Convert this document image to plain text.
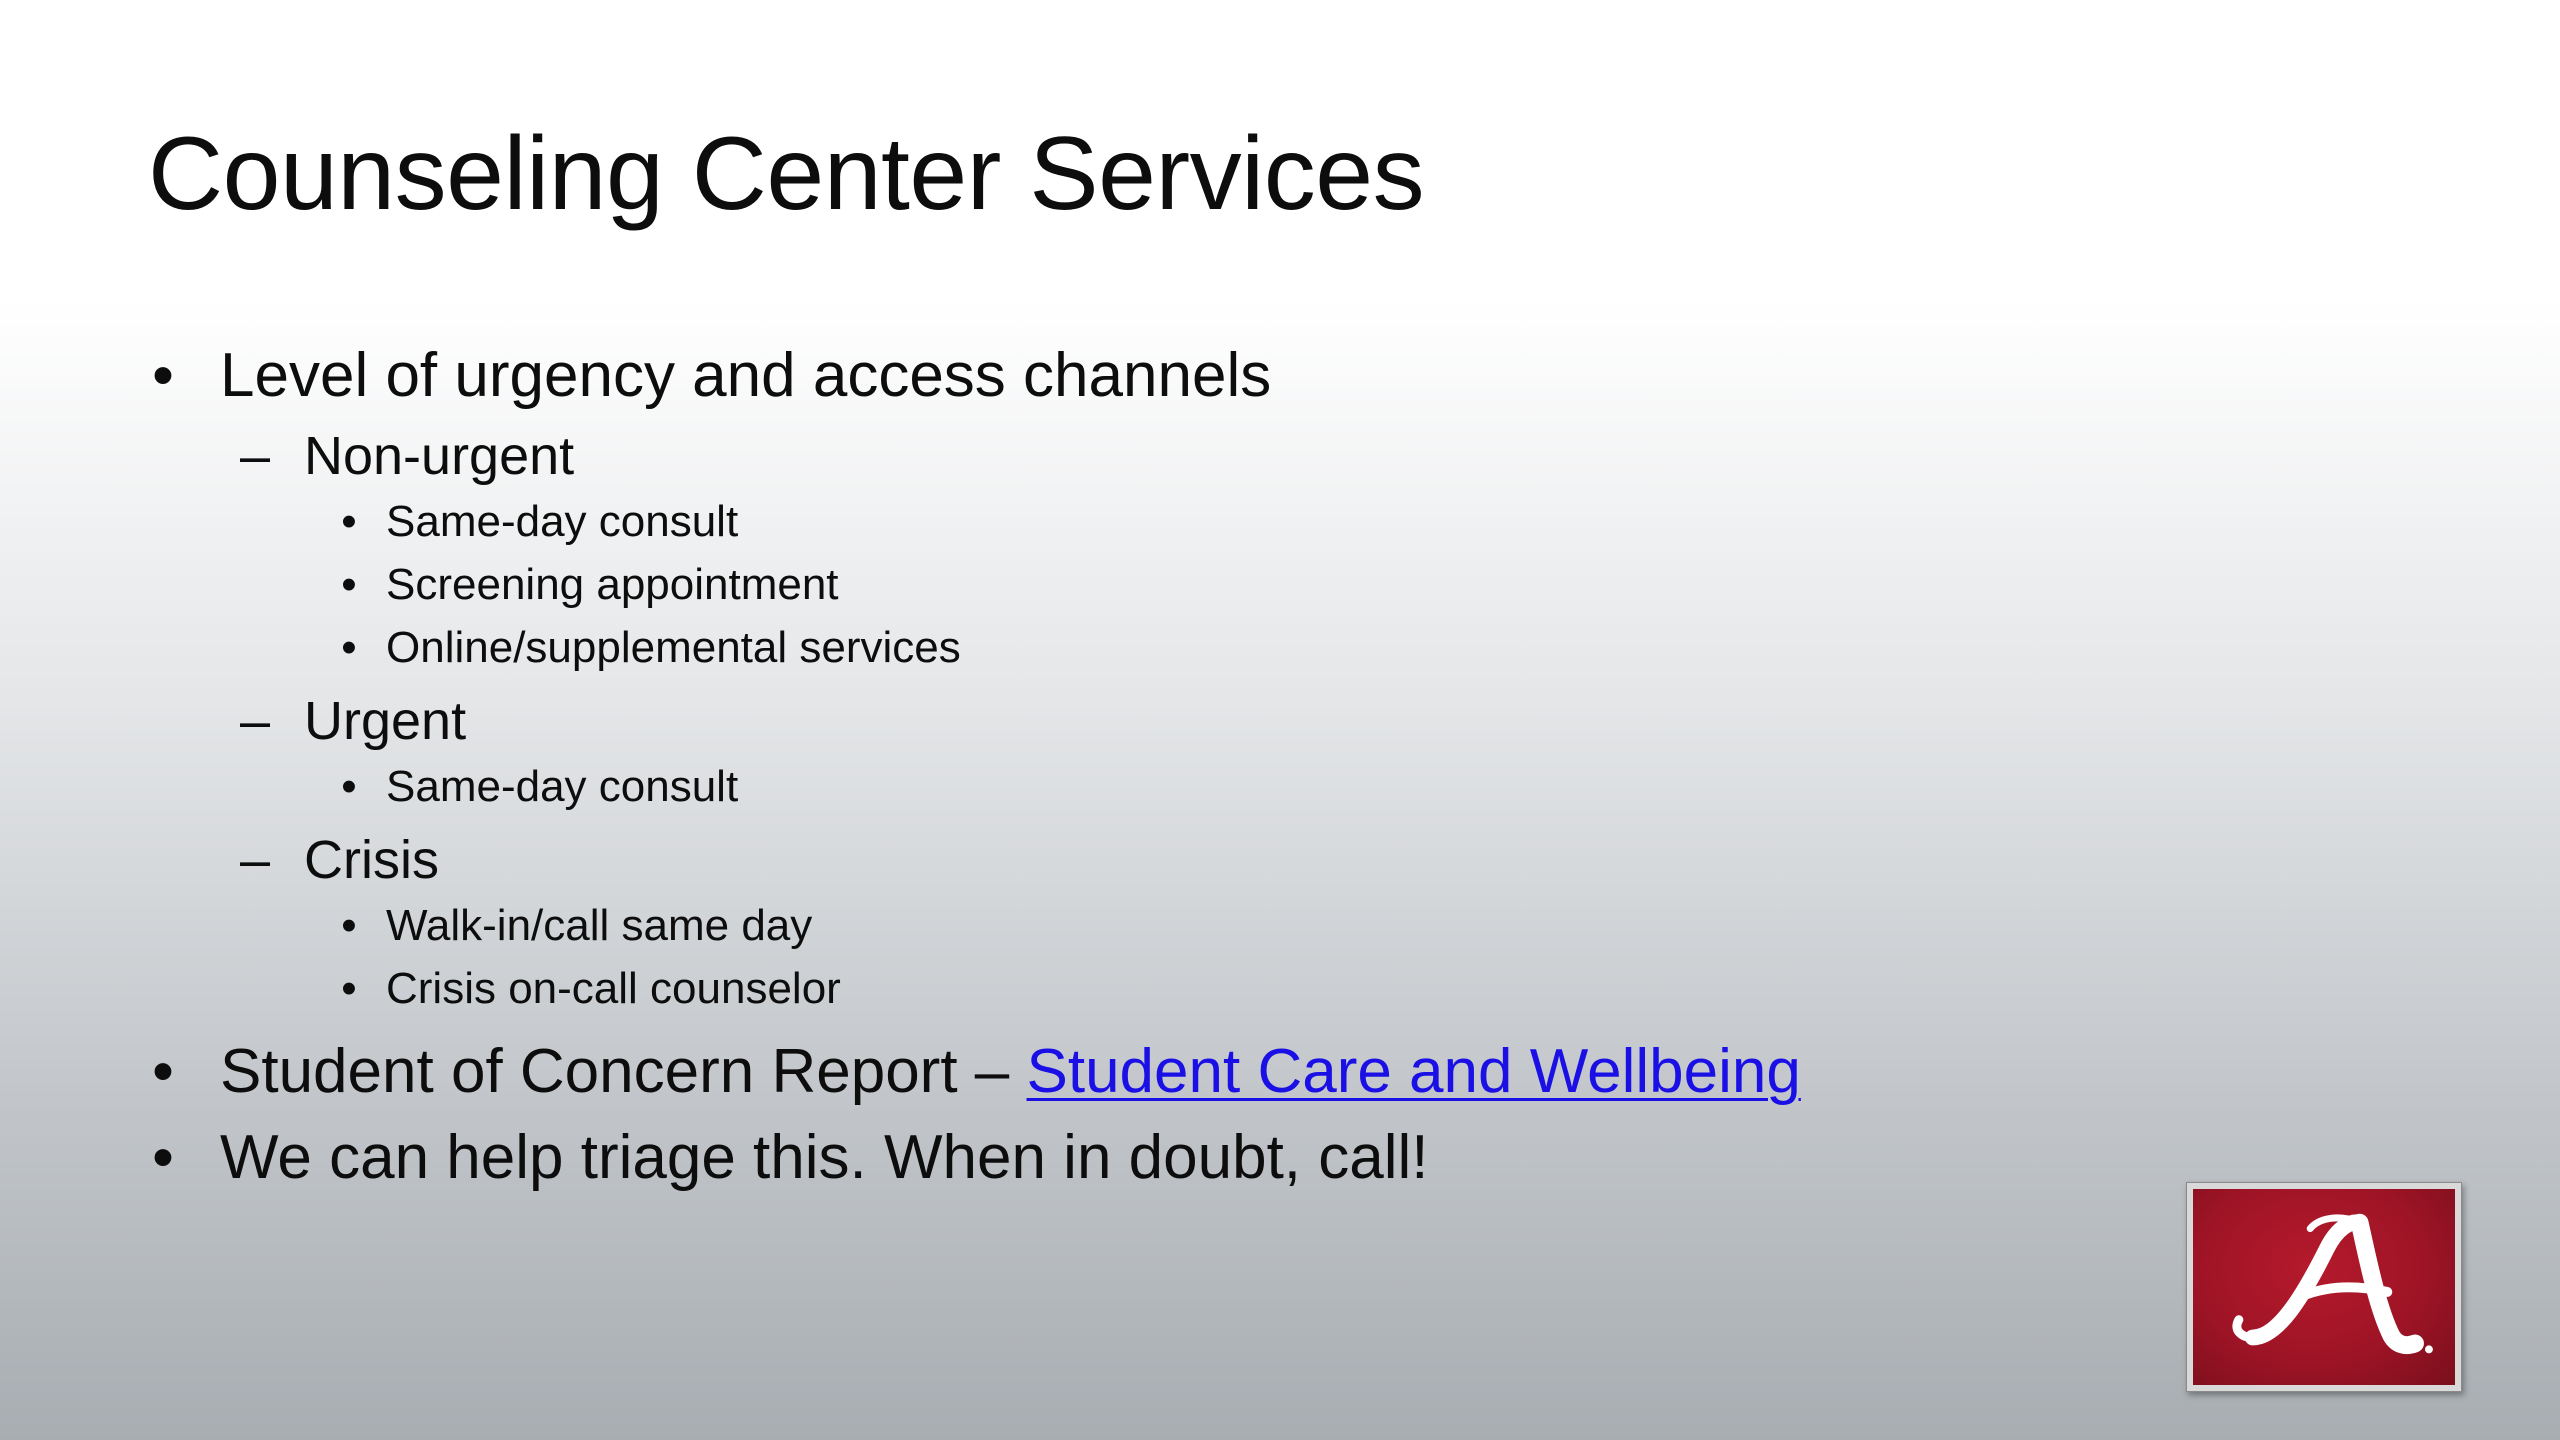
Counseling Center Services
• Level of urgency and access channels
– Non-urgent
• Same-day consult
• Screening appointment
• Online/supplemental services
– Urgent
• Same-day consult
– Crisis
• Walk-in/call same day
• Crisis on-call counselor
• Student of Concern Report – Student Care and Wellbeing
• We can help triage this. When in doubt, call!
